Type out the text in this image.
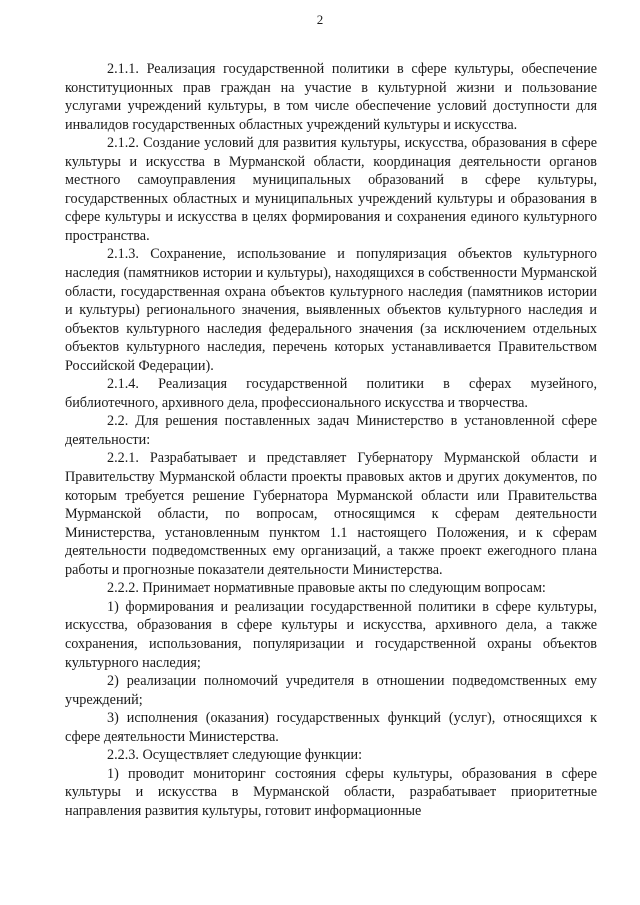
2

2.1.1. Реализация государственной политики в сфере культуры, обеспечение конституционных прав граждан на участие в культурной жизни и пользование услугами учреждений культуры, в том числе обеспечение условий доступности для инвалидов государственных областных учреждений культуры и искусства.

2.1.2. Создание условий для развития культуры, искусства, образования в сфере культуры и искусства в Мурманской области, координация деятельности органов местного самоуправления муниципальных образований в сфере культуры, государственных областных и муниципальных учреждений культуры и образования в сфере культуры и искусства в целях формирования и сохранения единого культурного пространства.

2.1.3. Сохранение, использование и популяризация объектов культурного наследия (памятников истории и культуры), находящихся в собственности Мурманской области, государственная охрана объектов культурного наследия (памятников истории и культуры) регионального значения, выявленных объектов культурного наследия и объектов культурного наследия федерального значения (за исключением отдельных объектов культурного наследия, перечень которых устанавливается Правительством Российской Федерации).

2.1.4. Реализация государственной политики в сферах музейного, библиотечного, архивного дела, профессионального искусства и творчества.

2.2. Для решения поставленных задач Министерство в установленной сфере деятельности:

2.2.1. Разрабатывает и представляет Губернатору Мурманской области и Правительству Мурманской области проекты правовых актов и других документов, по которым требуется решение Губернатора Мурманской области или Правительства Мурманской области, по вопросам, относящимся к сферам деятельности Министерства, установленным пунктом 1.1 настоящего Положения, и к сферам деятельности подведомственных ему организаций, а также проект ежегодного плана работы и прогнозные показатели деятельности Министерства.

2.2.2. Принимает нормативные правовые акты по следующим вопросам:

1) формирования и реализации государственной политики в сфере культуры, искусства, образования в сфере культуры и искусства, архивного дела, а также сохранения, использования, популяризации и государственной охраны объектов культурного наследия;

2) реализации полномочий учредителя в отношении подведомственных ему учреждений;

3) исполнения (оказания) государственных функций (услуг), относящихся к сфере деятельности Министерства.

2.2.3. Осуществляет следующие функции:

1) проводит мониторинг состояния сферы культуры, образования в сфере культуры и искусства в Мурманской области, разрабатывает приоритетные направления развития культуры, готовит информационные
